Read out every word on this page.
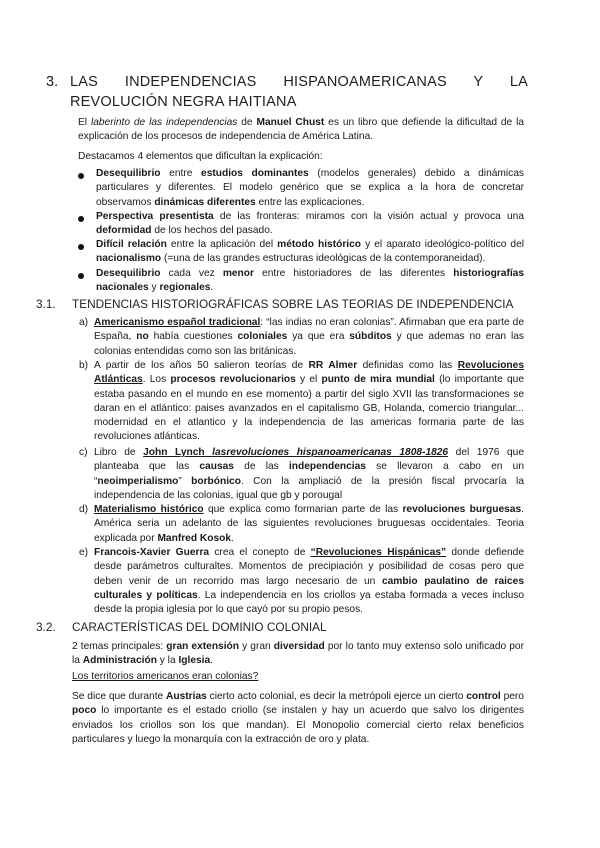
3. LAS INDEPENDENCIAS HISPANOAMERICANAS Y LA REVOLUCIÓN NEGRA HAITIANA
El laberinto de las independencias de Manuel Chust es un libro que defiende la dificultad de la explicación de los procesos de independencia de América Latina.
Destacamos 4 elementos que dificultan la explicación:
Desequilibrio entre estudios dominantes (modelos generales) debido a dinámicas particulares y diferentes. El modelo genérico que se explica a la hora de concretar observamos dinámicas diferentes entre las explicaciones.
Perspectiva presentista de las fronteras: miramos con la visión actual y provoca una deformidad de los hechos del pasado.
Difícil relación entre la aplicación del método histórico y el aparato ideológico-político del nacionalismo (=una de las grandes estructuras ideológicas de la contemporaneidad).
Desequilibrio cada vez menor entre historiadores de las diferentes historiografías nacionales y regionales.
3.1. TENDENCIAS HISTORIOGRÁFICAS SOBRE LAS TEORIAS DE INDEPENDENCIA
a) Americanismo español tradicional: “las indias no eran colonias”. Afirmaban que era parte de España, no había cuestiones coloniales ya que era súbditos y que ademas no eran las colonias entendidas como son las británicas.
b) A partir de los años 50 salieron teorías de RR Almer definidas como las Revoluciones Atlánticas. Los procesos revolucionarios y el punto de mira mundial (lo importante que estaba pasando en el mundo en ese momento) a partir del siglo XVII las transformaciones se daran en el atlántico: paises avanzados en el capitalismo GB, Holanda, comercio triangular... modernidad en el atlantico y la independencia de las americas formaria parte de las revoluciones atlánticas.
c) Libro de John Lynch lasrevoluciones hispanoamericanas 1808-1826 del 1976 que planteaba que las causas de las independencias se llevaron a cabo en un “neoimperialismo” borbónico. Con la ampliació de la presión fiscal prvocaría la independencia de las colonias, igual que gb y porougal
d) Materialismo histórico que explica como formarian parte de las revoluciones burguesas. América seria un adelanto de las siguientes revoluciones bruguesas occidentales. Teoria explicada por Manfred Kosok.
e) Francois-Xavier Guerra crea el conepto de “Revoluciones Hispánicas” donde defiende desde parámetros culturaltes. Momentos de precipiación y posibilidad de cosas pero que deben venir de un recorrido mas largo necesario de un cambio paulatino de raices culturales y políticas. La independencia en los criollos ya estaba formada a veces incluso desde la propia iglesia por lo que cayó por su propio pesos.
3.2. CARACTERÍSTICAS DEL DOMINIO COLONIAL
2 temas principales: gran extensión y gran diversidad por lo tanto muy extenso solo unificado por la Administración y la Iglesia.
Los territorios americanos eran colonias?
Se dice que durante Austrias cierto acto colonial, es decir la metrópoli ejerce un cierto control pero poco lo importante es el estado criollo (se instalen y hay un acuerdo que salvo los dirigentes enviados los criollos son los que mandan). El Monopolio comercial cierto relax beneficios particulares y luego la monarquía con la extracción de oro y plata.
